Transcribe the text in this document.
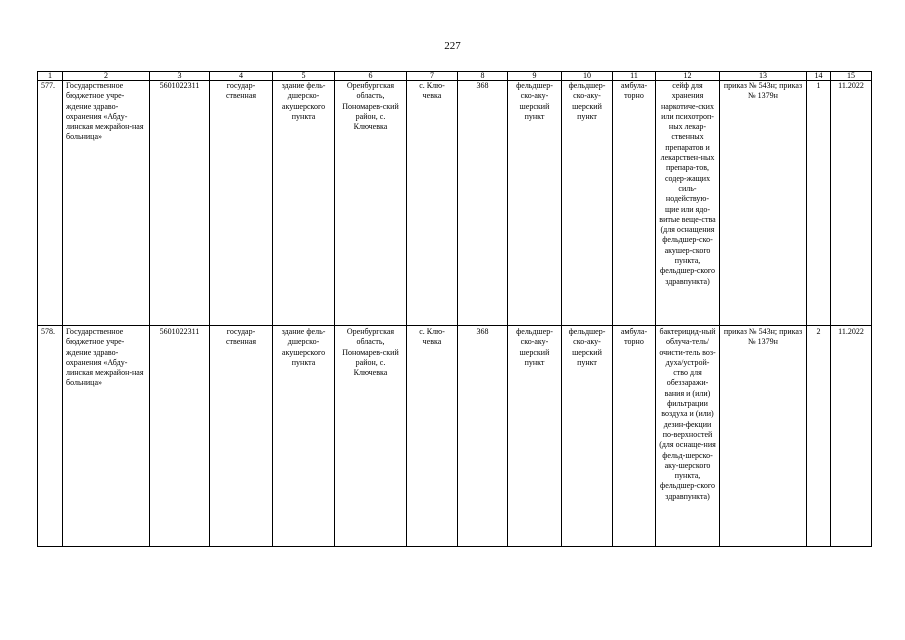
227
1	2	3	4	5	6	7	8	9	10	11	12	13	14	15
577.	Государственное бюджетное учре-ждение здраво-охранения «Абду-линская межрайон-ная больница»	5601022311	государ-ственная	здание фель-дшерско-акушерского пункта	Оренбургская область, Пономарев-ский район, с. Ключевка	с. Клю-чевка	368	фельдшер-ско-аку-шерский пункт	фельдшер-ско-аку-шерский пункт	амбула-торно	сейф для хранения наркотиче-ских или психотроп-ных лекар-ственных препаратов и лекарствен-ных препара-тов, содер-жащих силь-нодействую-щие или ядо-витые веще-ства (для оснащения фельдшер-ско-акушер-ского пункта, фельдшер-ского здравпункта)	приказ № 543н; приказ № 1379н	1	11.2022
578.	Государственное бюджетное учре-ждение здраво-охранения «Абду-линская межрайон-ная больница»	5601022311	государ-ственная	здание фель-дшерско-акушерского пункта	Оренбургская область, Пономарев-ский район, с. Ключевка	с. Клю-чевка	368	фельдшер-ско-аку-шерский пункт	фельдшер-ско-аку-шерский пункт	амбула-торно	бактерицид-ный облуча-тель/очисти-тель воз-духа/устрой-ство для обеззаражи-вания и (или) фильтрации воздуха и (или) дезин-фекции по-верхностей (для оснаще-ния фельд-шерско-аку-шерского пункта, фельдшер-ского здравпункта)	приказ № 543н; приказ № 1379н	2	11.2022
